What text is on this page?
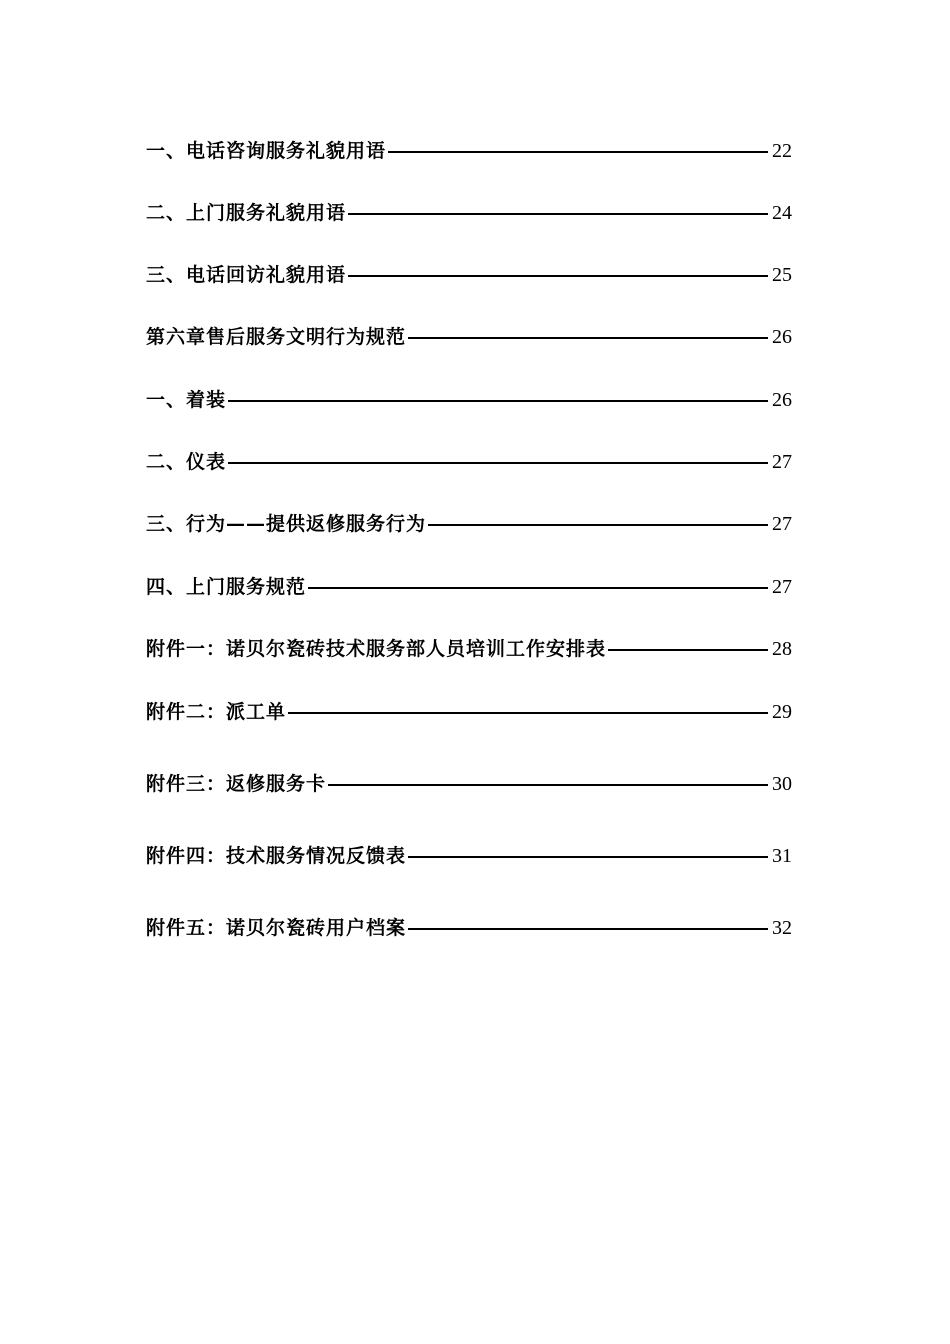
一、电话咨询服务礼貌用语	22
二、上门服务礼貌用语	24
三、电话回访礼貌用语	25
第六章售后服务文明行为规范	26
一、着装	26
二、仪表	27
三、行为——提供返修服务行为	27
四、上门服务规范	27
附件一：诺贝尔瓷砖技术服务部人员培训工作安排表	28
附件二：派工单	29
附件三：返修服务卡	30
附件四：技术服务情况反馈表	31
附件五：诺贝尔瓷砖用户档案	32
